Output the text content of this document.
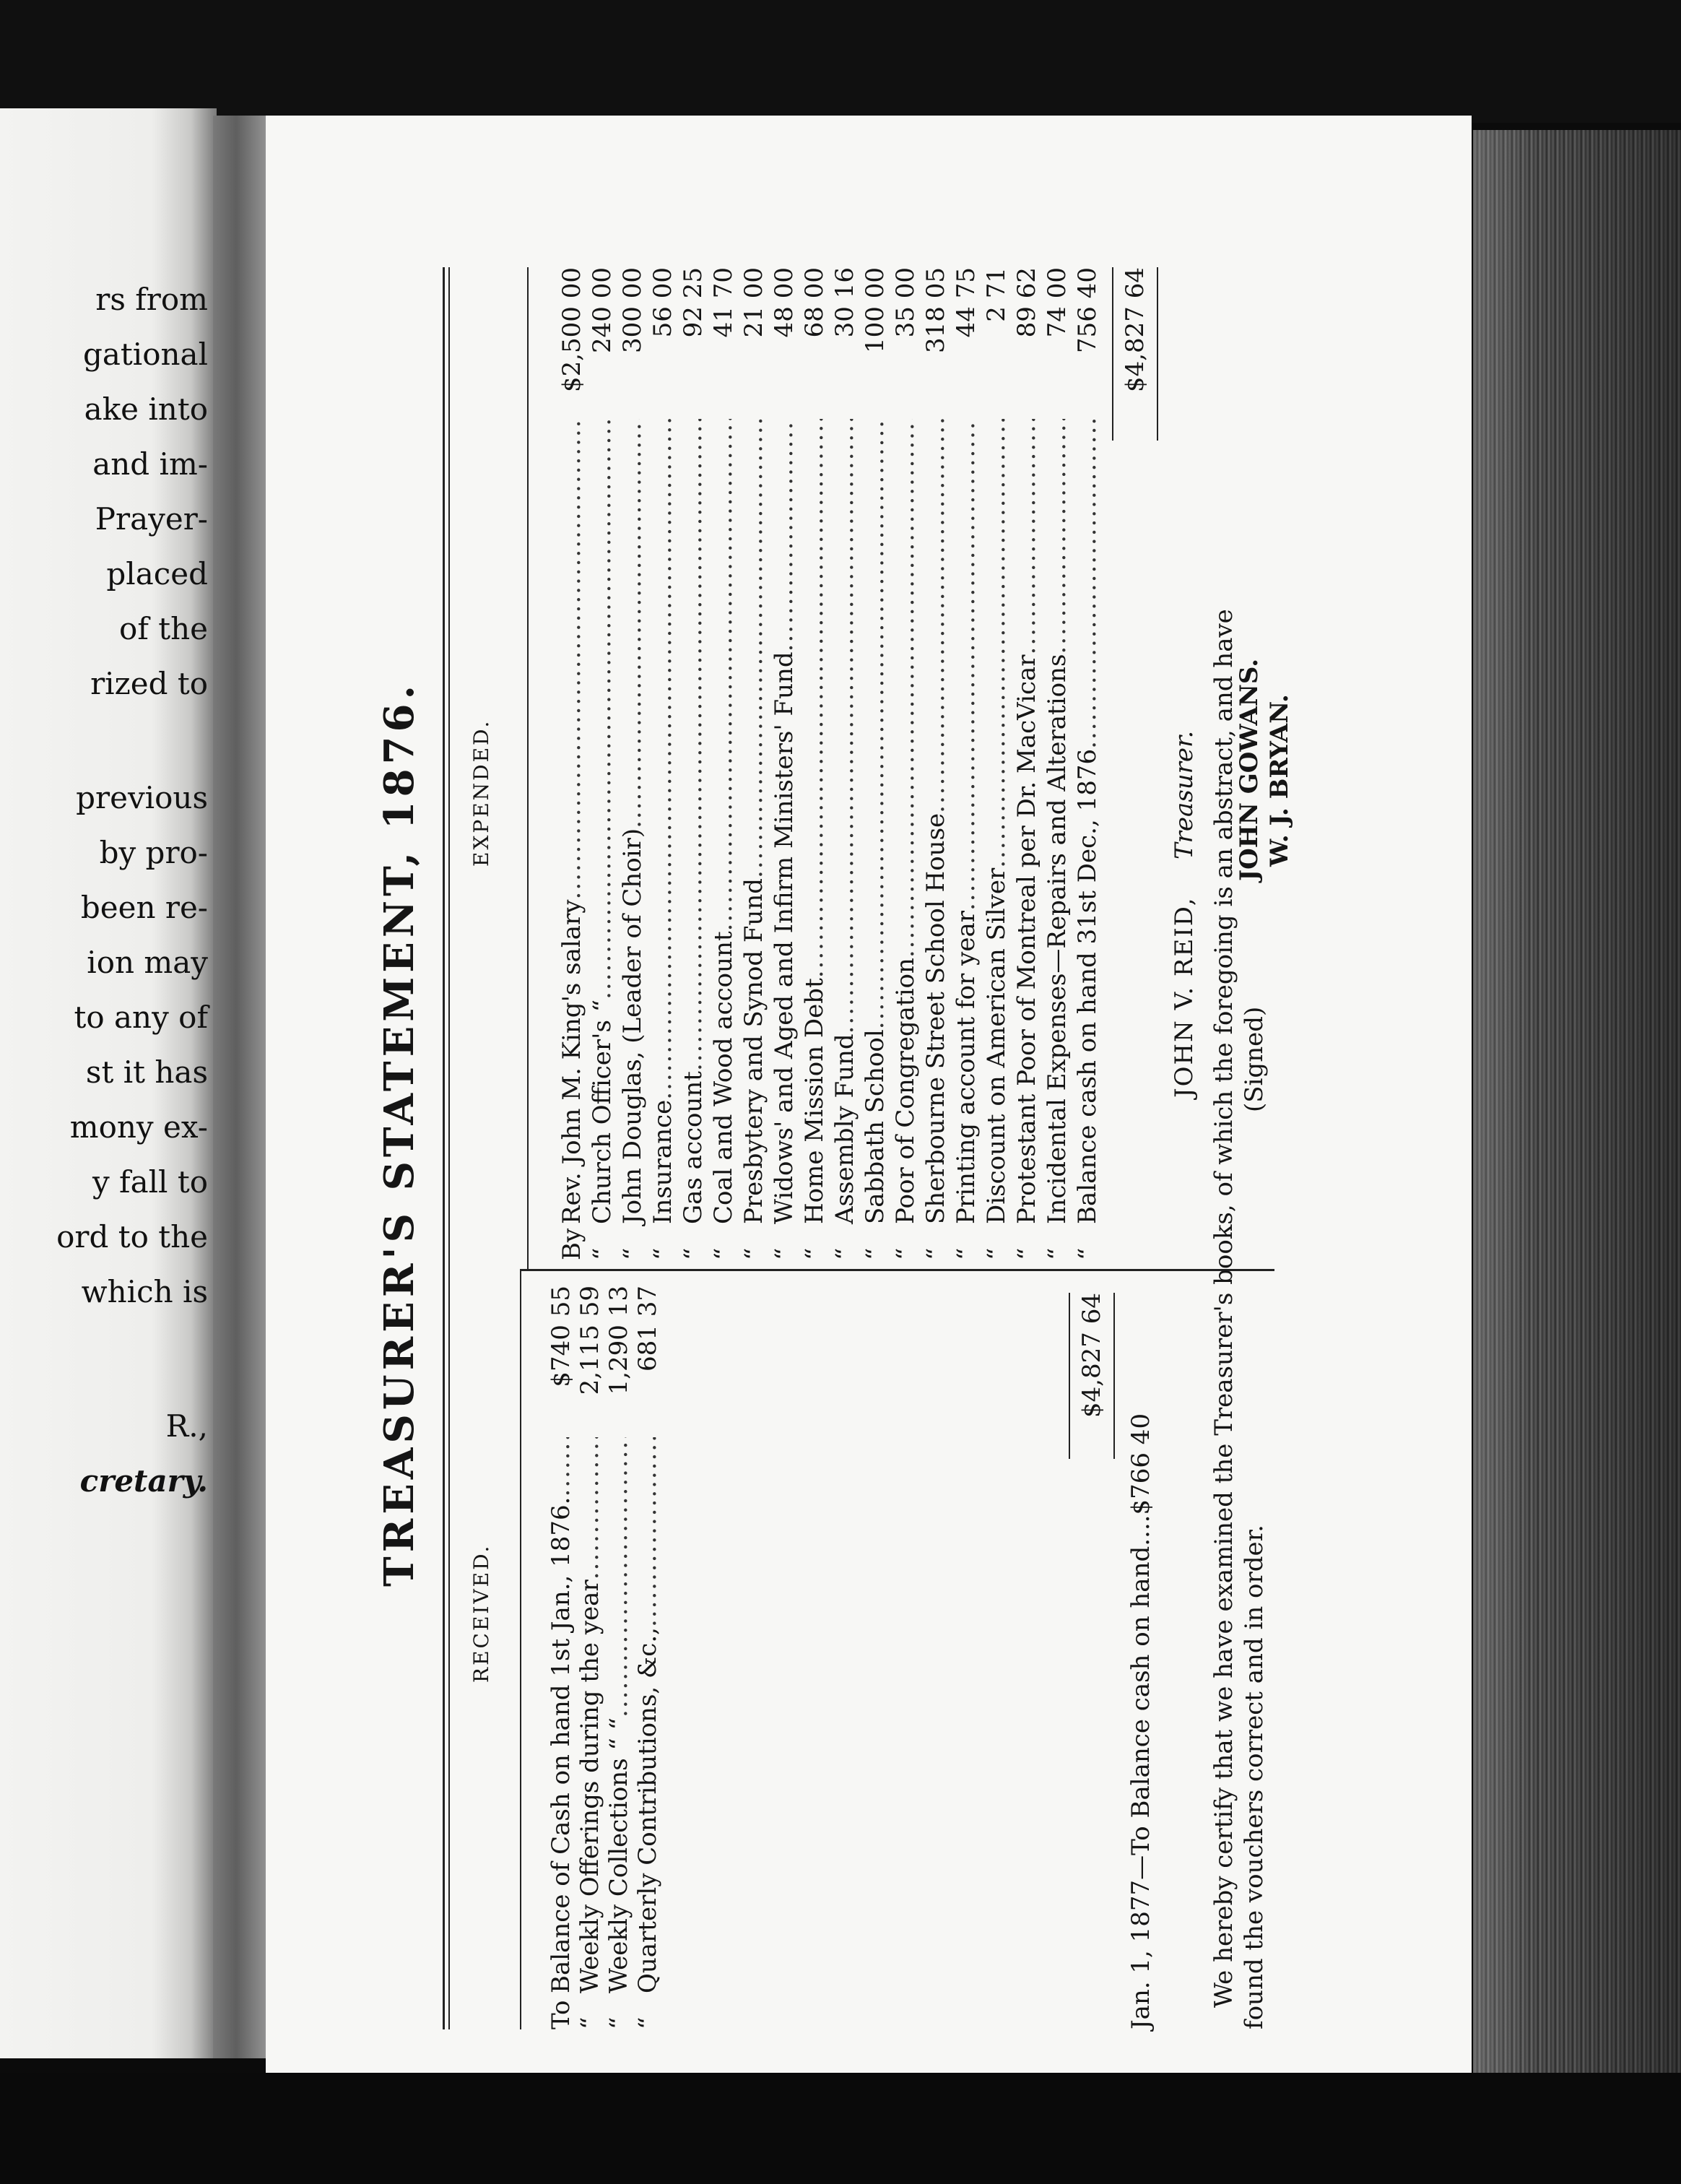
rs from
gational
ake into
and im-
Prayer-
placed
of the
rized to
previous
by pro-
been re-
ion may
to any of
st it has
mony ex-
y fall to
ord to the
which is
R.,
cretary.	TREASURER'S STATEMENT, 1876.
RECEIVED.
EXPENDED.
To
Balance of Cash on hand 1st Jan., 1876.
.....
$740 55
“
Weekly Offerings during the year
.....
2,115 59
“
Weekly Collections “ “
.....
1,290 13
“
Quarterly Contributions, &c.,
.....
681 37	$4,827 64
By
Rev. John M. King's salary
.....
$2,500 00
“
Church Officer's “
.....
240 00
“
John Douglas, (Leader of Choir)
.....
300 00
“
Insurance
.....
56 00
“
Gas account
.....
92 25
“
Coal and Wood account
.....
41 70
“
Presbytery and Synod Fund
.....
21 00
“
Widows' and Aged and Infirm Ministers' Fund
.....
48 00
“
Home Mission Debt
.....
68 00
“
Assembly Fund
.....
30 16
“
Sabbath School
.....
100 00
“
Poor of Congregation
.....
35 00
“
Sherbourne Street School House
.....
318 05
“
Printing account for year
.....
44 75
“
Discount on American Silver
.....
2 71
“
Protestant Poor of Montreal per Dr. MacVicar
.....
89 62
“
Incidental Expenses—Repairs and Alterations
.....
74 00
“
Balance cash on hand 31st Dec., 1876
.....
756 40 $4,827 64
Jan. 1, 1877—To Balance cash on hand....$766 40
JOHN V. REID,
Treasurer. We hereby certify that we have examined the Treasurer's books, of which the foregoing is an abstract, and have found the vouchers correct and in order.
(Signed)
JOHN GOWANS. W. J. BRYAN.
